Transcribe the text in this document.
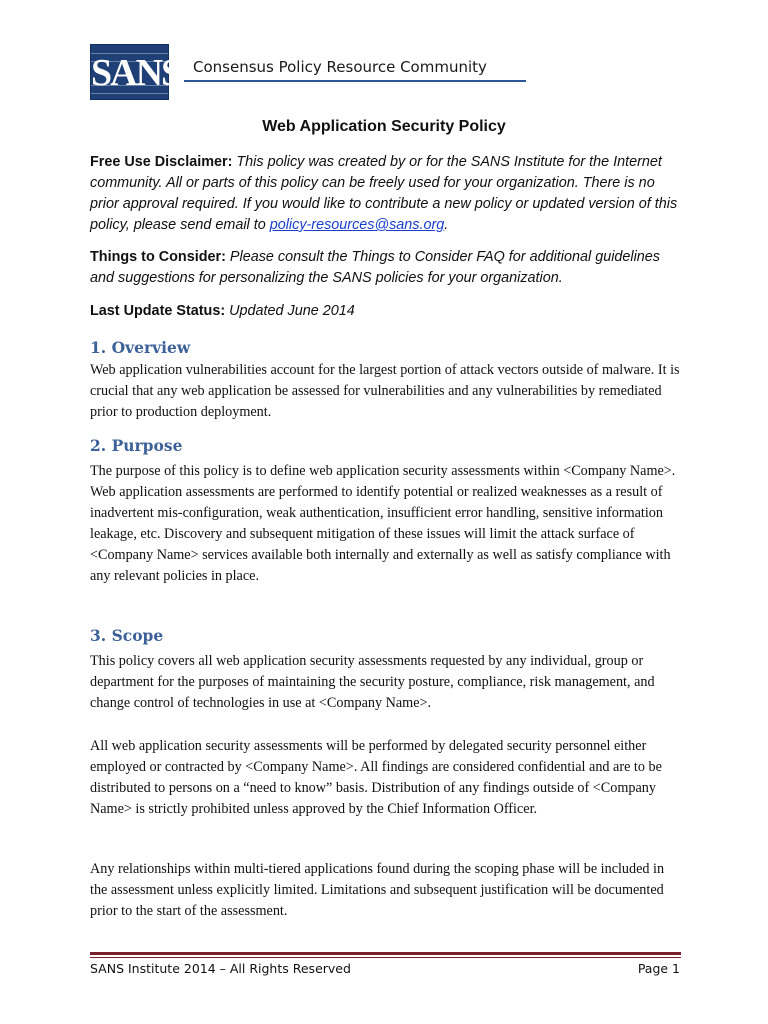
SANS Consensus Policy Resource Community
Web Application Security Policy

Free Use Disclaimer: This policy was created by or for the SANS Institute for the Internet community. All or parts of this policy can be freely used for your organization. There is no prior approval required. If you would like to contribute a new policy or updated version of this policy, please send email to policy-resources@sans.org.

Things to Consider: Please consult the Things to Consider FAQ for additional guidelines and suggestions for personalizing the SANS policies for your organization.

Last Update Status: Updated June 2014

1. Overview

Web application vulnerabilities account for the largest portion of attack vectors outside of malware. It is crucial that any web application be assessed for vulnerabilities and any vulnerabilities by remediated prior to production deployment.

2. Purpose

The purpose of this policy is to define web application security assessments within <Company Name>. Web application assessments are performed to identify potential or realized weaknesses as a result of inadvertent mis-configuration, weak authentication, insufficient error handling, sensitive information leakage, etc. Discovery and subsequent mitigation of these issues will limit the attack surface of <Company Name> services available both internally and externally as well as satisfy compliance with any relevant policies in place.

3. Scope

This policy covers all web application security assessments requested by any individual, group or department for the purposes of maintaining the security posture, compliance, risk management, and change control of technologies in use at <Company Name>.

All web application security assessments will be performed by delegated security personnel either employed or contracted by <Company Name>. All findings are considered confidential and are to be distributed to persons on a “need to know” basis. Distribution of any findings outside of <Company Name> is strictly prohibited unless approved by the Chief Information Officer.

Any relationships within multi-tiered applications found during the scoping phase will be included in the assessment unless explicitly limited. Limitations and subsequent justification will be documented prior to the start of the assessment.

SANS Institute 2014 – All Rights Reserved	Page 1
